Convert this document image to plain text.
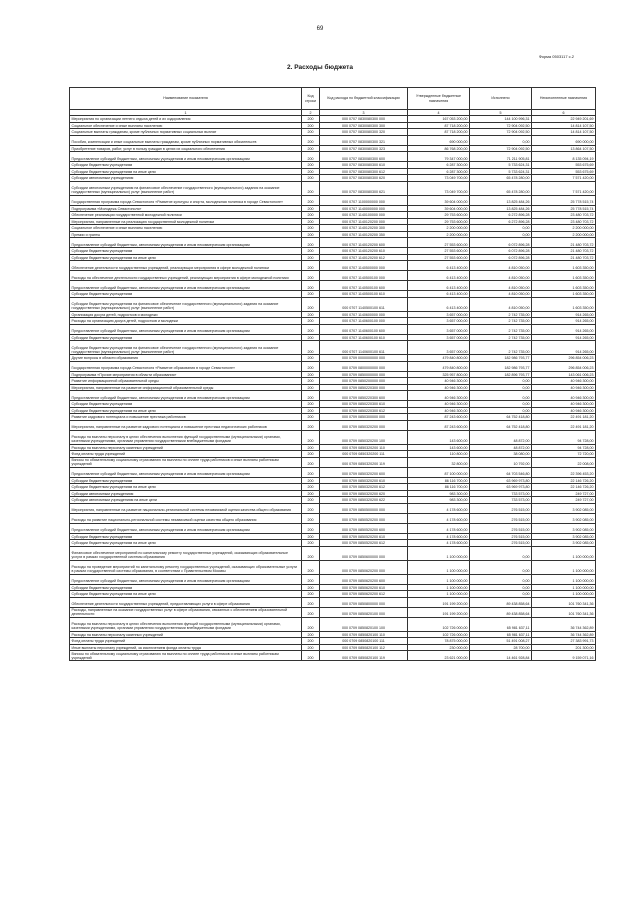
69
Форма 0503117 с.2
2. Расходы бюджета
Наименование показателя	Код строки	Код расхода по бюджетной классификации	Утвержденные бюджетные назначения	Исполнено	Неисполненные назначения
1	2	3	4	5	6
Мероприятия по организации летнего отдыха детей и их оздоровления	200	000 0707 0830080300 000	167 053 200,00	144 100 996,31	22 949 201,69
Социальное обеспечение и иные выплаты населению	200	000 0707 0830080300 300	87 718 200,00	72 904 092,50	14 814 107,50
Социальные выплаты гражданам, кроме публичных нормативных социальных выплат	200	000 0707 0830080300 320	87 718 200,00	72 904 092,50	14 814 107,50
Пособия, компенсации и иные социальные выплаты гражданам, кроме публичных нормативных обязательств	200	000 0707 0830080300 321	690 000,00	0,00	690 000,00
Приобретение товаров, работ, услуг в пользу граждан в целях их социального обеспечения	200	000 0707 0830080300 323	86 768 200,00	72 904 092,50	13 864 107,50
Предоставление субсидий бюджетным, автономным учреждениям и иным некоммерческим организациям	200	000 0707 0830080300 600	79 347 000,00	71 211 905,81	8 135 094,19
Субсидии бюджетным учреждениям	200	000 0707 0830080300 610	6 287 300,00	5 733 624,31	553 675,69
Субсидии бюджетным учреждениям на иные цели	200	000 0707 0830080300 612	6 287 300,00	5 733 624,31	553 675,69
Субсидии автономным учреждениям	200	000 0707 0830080300 620	73 049 700,00	65 478 280,00	7 571 420,00
Субсидии автономным учреждениям на финансовое обеспечение государственного (муниципального) задания на оказание государственных (муниципальных) услуг (выполнение работ)	200	000 0707 0830080300 621	73 049 700,00	65 478 280,00	7 571 420,00
Государственная программа города Севастополя «Развитие культуры и спорта, молодежная политика в городе Севастополе»	200	000 0707 1100000000 000	39 604 000,00	13 825 484,26	25 778 515,74
Подпрограмма «Молодежь Севастополя»	200	000 0707 1140000000 000	39 604 000,00	13 825 484,26	25 778 515,74
Обеспечение реализации государственной молодежной политики	200	000 0707 1140100000 000	29 753 600,00	6 272 896,28	23 480 703,72
Мероприятия, направленные на реализацию государственной молодежной политики	200	000 0707 1140120200 000	29 753 600,00	6 272 896,28	23 480 703,72
Социальное обеспечение и иные выплаты населению	200	000 0707 1140120200 300	2 200 000,00	0,00	2 200 000,00
Премии и гранты	200	000 0707 1140120200 350	2 200 000,00	0,00	2 200 000,00
Предоставление субсидий бюджетным, автономным учреждениям и иным некоммерческим организациям	200	000 0707 1140120200 600	27 553 600,00	6 072 896,28	21 480 703,72
Субсидии бюджетным учреждениям	200	000 0707 1140120200 610	27 553 600,00	6 072 896,28	21 480 703,72
Субсидии бюджетным учреждениям на иные цели	200	000 0707 1140120200 612	27 553 600,00	6 072 896,28	21 480 703,72
Обеспечение деятельности государственных учреждений, реализующих мероприятия в сфере молодежной политики	200	000 0707 1140500000 000	6 413 400,00	4 810 050,00	1 603 350,00
Расходы на обеспечение деятельности государственных учреждений, реализующих мероприятия в сфере молодежной политики	200	000 0707 1140500100 000	6 413 400,00	4 810 050,00	1 603 350,00
Предоставление субсидий бюджетным, автономным учреждениям и иным некоммерческим организациям	200	000 0707 1140500100 600	6 413 400,00	4 810 050,00	1 603 350,00
Субсидии бюджетным учреждениям	200	000 0707 1140500100 610	6 413 400,00	4 810 050,00	1 603 350,00
Субсидии бюджетным учреждениям на финансовое обеспечение государственного (муниципального) задания на оказание государственных (муниципальных) услуг (выполнение работ)	200	000 0707 1140500100 611	6 413 400,00	4 810 050,00	1 603 350,00
Организация досуга детей, подростков и молодежи	200	000 0707 1140600000 000	3 657 000,00	2 742 735,00	914 265,00
Расходы на организацию досуга детей, подростков и молодежи	200	000 0707 1140600100 000	3 657 000,00	2 742 735,00	914 265,00
Предоставление субсидий бюджетным, автономным учреждениям и иным некоммерческим организациям	200	000 0707 1140600100 600	3 657 000,00	2 742 735,00	914 265,00
Субсидии бюджетным учреждениям	200	000 0707 1140600100 610	3 657 000,00	2 742 735,00	914 265,00
Субсидии бюджетным учреждениям на финансовое обеспечение государственного (муниципального) задания на оказание государственных (муниципальных) услуг (выполнение работ)	200	000 0707 1140600100 611	3 657 000,00	2 742 735,00	914 265,00
Другие вопросы в области образования	200	000 0709 0000000000 000	479 840 800,00	182 986 793,77	296 854 006,23
Государственная программа города Севастополя «Развитие образования в городе Севастополе»	200	000 0709 0800000000 000	479 840 800,00	182 986 793,77	296 854 006,23
Подпрограмма «Прочие мероприятия в области образования»	200	000 0709 0850000000 000	325 957 800,00	182 896 793,77	143 061 006,23
Развитие информационной образовательной среды	200	000 0709 0850200000 000	40 946 300,00	0,00	40 946 300,00
Мероприятия, направленные на развитие информационной образовательной среды	200	000 0709 0850220300 000	40 946 300,00	0,00	40 946 300,00
Предоставление субсидий бюджетным, автономным учреждениям и иным некоммерческим организациям	200	000 0709 0850220300 600	40 946 300,00	0,00	40 946 300,00
Субсидии бюджетным учреждениям	200	000 0709 0850220300 610	40 946 300,00	0,00	40 946 300,00
Субсидии бюджетным учреждениям на иные цели	200	000 0709 0850220300 612	40 946 300,00	0,00	40 946 300,00
Развитие кадрового потенциала и повышение престижа работников	200	000 0709 0850300000 000	87 243 600,00	64 752 418,80	22 491 181,20
Мероприятия, направленные на развитие кадрового потенциала и повышение престижа педагогических работников	200	000 0709 0850320200 000	87 243 600,00	64 752 418,80	22 491 181,20
Расходы на выплаты персоналу в целях обеспечения выполнения функций государственными (муниципальными) органами, казенными учреждениями, органами управления государственными внебюджетными фондами	200	000 0709 0850320200 100	143 600,00	48 872,00	94 728,00
Расходы на выплаты персоналу казенных учреждений	200	000 0709 0850320200 110	143 600,00	48 872,00	94 728,00
Фонд оплаты труда учреждений	200	000 0709 0850320200 111	110 800,00	38 080,00	72 720,00
Взносы по обязательному социальному страхованию на выплаты по оплате труда работников и иные выплаты работникам учреждений	200	000 0709 0850320200 119	32 800,00	10 792,00	22 008,00
Предоставление субсидий бюджетным, автономным учреждениям и иным некоммерческим организациям	200	000 0709 0850320200 600	87 100 000,00	64 703 546,80	22 396 453,20
Субсидии бюджетным учреждениям	200	000 0709 0850320200 610	86 116 700,00	63 969 973,80	22 146 726,20
Субсидии бюджетным учреждениям на иные цели	200	000 0709 0850320200 612	86 116 700,00	63 969 973,80	22 146 726,20
Субсидии автономным учреждениям	200	000 0709 0850320200 620	983 300,00	733 573,00	249 727,00
Субсидии автономным учреждениям на иные цели	200	000 0709 0850320200 622	983 300,00	733 573,00	249 727,00
Мероприятия, направленные на развитие национально-региональной системы независимой оценки качества общего образования	200	000 0709 0850500000 000	4 178 600,00	276 515,00	3 902 085,00
Расходы на развитие национально-региональной системы независимой оценки качества общего образования	200	000 0709 0850520200 000	4 178 600,00	276 515,00	3 902 085,00
Предоставление субсидий бюджетным, автономным учреждениям и иным некоммерческим организациям	200	000 0709 0850520200 600	4 178 600,00	276 515,00	3 902 085,00
Субсидии бюджетным учреждениям	200	000 0709 0850520200 610	4 178 600,00	276 515,00	3 902 085,00
Субсидии бюджетным учреждениям на иные цели	200	000 0709 0850520200 612	4 178 600,00	276 515,00	3 902 085,00
Финансовое обеспечение мероприятий по капитальному ремонту государственных учреждений, оказывающих образовательные услуги в рамках государственной системы образования	200	000 0709 0850600000 000	1 100 000,00	0,00	1 100 000,00
Расходы на проведение мероприятий по капитальному ремонту государственных учреждений, оказывающих образовательные услуги в рамках государственной системы образования, в соответствии с Правительством Москвы	200	000 0709 0850620200 000	1 100 000,00	0,00	1 100 000,00
Предоставление субсидий бюджетным, автономным учреждениям и иным некоммерческим организациям	200	000 0709 0850620200 600	1 100 000,00	0,00	1 100 000,00
Субсидии бюджетным учреждениям	200	000 0709 0850620200 610	1 100 000,00	0,00	1 100 000,00
Субсидии бюджетным учреждениям на иные цели	200	000 0709 0850620200 612	1 100 000,00	0,00	1 100 000,00
Обеспечение деятельности государственных учреждений, предоставляющих услуги в сфере образования	200	000 0709 0850800000 000	191 199 200,00	89 438 858,64	101 760 341,36
Расходы, направленные на оказание государственных услуг в сфере образования, связанных с обеспечением образовательной деятельности	200	000 0709 0850820100 000	191 199 200,00	89 438 858,64	101 760 341,36
Расходы на выплаты персоналу в целях обеспечения выполнения функций государственными (муниципальными) органами, казенными учреждениями, органами управления государственными внебюджетными фондами	200	000 0709 0850820100 100	102 726 000,00	65 981 637,11	36 744 362,89
Расходы на выплаты персоналу казенных учреждений	200	000 0709 0850820100 110	102 726 000,00	65 981 637,11	36 744 362,89
Фонд оплаты труда учреждений	200	000 0709 0850820100 111	78 875 000,00	51 491 008,27	27 383 991,73
Иные выплаты персоналу учреждений, за исключением фонда оплаты труда	200	000 0709 0850820100 112	230 000,00	28 700,00	201 300,00
Взносы по обязательному социальному страхованию на выплаты по оплате труда работников и иные выплаты работникам учреждений	200	000 0709 0850820100 119	23 621 000,00	14 461 928,84	9 159 071,16
